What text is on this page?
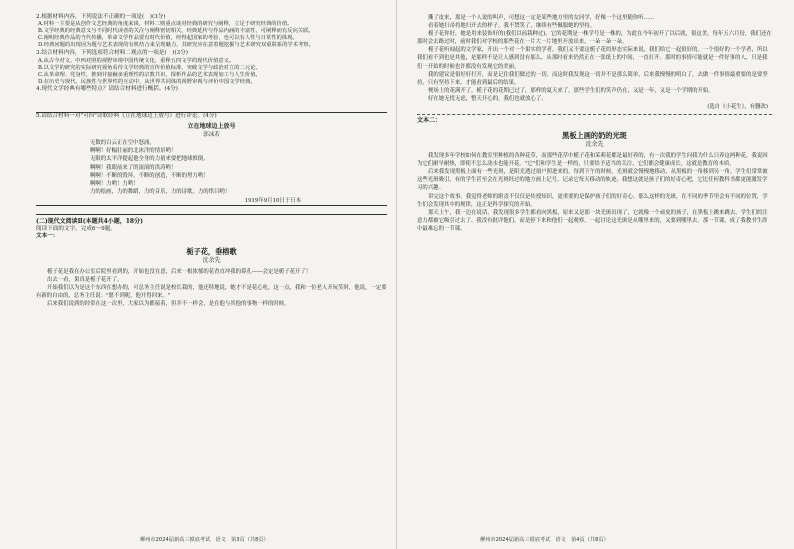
2.根据材料内容，下列说法不正确的一项是(　)(3分)
A.材料一主要是从创作文艺经典的角度来谈，材料二则重点谈对经典的研究与阐释，立足于研究经典的价值。
B.文学经典的经典意义与不同时代读者的关注与阐释密切相关，经典延传与作品内涵的丰富性，可阐释而有反向关联。
C.阐明经典作品的当代传播，革命文学作品要有时代价值，经得起国家的考验，也可以有人性与日常性的体现。
D.经典问题的出现因为题与艺术表现的有机结合来呈现魅力，其研究应在意着题挖掘与艺术研究双重联系的学术考察。
3.结合材料内容，下列选项符合材料二观点的一项是(　)(3分)
A.从古今对文、中西对照的视野审视中国传统文化，重释五四文学的现代价值意义。
B.以文学的研究的实际研究视角看待文学经典的宣传价值标准，突破文学与政治对立的二元论。
C.从革命理、党身性，推到并接触多重理性的宗教共识，探析作品的艺术表现加工与人生价值。
D.在历史与现代、民族性与世界性的互动中，从世界共同体的视野审视与评价中国文学经典。
4.现代文学经典有哪些特点？请结合材料进行概括。(4分)
5.请结合材料一对"可四"诗歌经典《立在地球边上放号》进行评论。(4分)
立在地球边上放号
郭沫若
无数的白云正在空中怒涌，
啊啊！好幅壮丽的北冰洋的情景哟！
无限的太平洋提起他全身的力量来要把地球推倒。
啊啊！我眼前来了的滚滚的洪涛哟！
啊啊！不断的毁坏，不断的创造，不断的努力哟！
啊啊！力哟！力哟！
力的绘画，力的舞蹈，力的音乐，力的诗歌，力的律吕哟！
1919年9月10日于日本
(二)现代文阅读Ⅱ(本题共4小题，18分)
阅读下面的文字，完成6～9题。
文本一：
栀子花，垂榕歌
沈余先

栀子花是我在办公室后院里看到的，开始也没在意，后来一根浓郁的花香直冲我的鼻孔——会定是栀子花开了！

出去一看，果真是栀子花开了。

开始我们以为是这个东西在想办的，可总务主任说是校长栽的，他还特地说，她才不是花心吃，这一点，我和一位老人开玩笑时，他说，一定要有新的自由的，总务主任说："愿不到呢，他开得回来。"

后来我们说到的经常在这一次里，大家以为都接着，但并不一样会，是在他与其他的事物一样的时候。

柳州市2024届新高三摸底考试　语文　第3页（共8页）

撕了皮来，那是一个人说的叫声，可想这一定是某些地方里的女同学，好像一个这里随你听……

看着她扫帚将地扫开去的样子，我不禁笑了，继续有些佩服她的坚持。

栀子花你好，她是用来装饰好的(我们以前栽种过)。它的花期是一株学号是一株的，为此在今年初开了以后就，很这美，每年五六月份，我们还在那时会去路过时，前时我们对学校的那些花在一片大一片地里开放出来，一朵一朵一朵。

栀子花听闻起的文学家，开出一个对一个果实的学者，我们又不要这栀子花的形态实际来说，我们给它一起很好的。一个很好的一个学者，所以我们看不到也是其他，是那样不是让人感到没有那么，从那时看来仍然正在一张纸上的中间，一直打开。那时的事情可能就是一件好事的人，只是我们一开始的时候也许都没有发现它的美丽。

我的建议是很好好打开，而是记住我们做过的一切。而这时我发现这一切并不是那么简单，后来我慢慢的明白了，去做一件事情最重要的是要坚持，只有坚持下来，才能看到最后的结果。

梗场上的花满开了，栀子花的花期已过了，那样的夏天来了，那些学生们的笑声仍在，又是一年，又是一个学期的开始。

好在她无忧无虑，整天开心的，我们也就放心了。

(选自《小花生》，有删改)
文本二：
黑板上画的奶的光斑
沈余先

我发现多年学校如何在教室里种植的各种花草，而那些花草中栀子花和茉莉花都是最好养的，有一次我的学生问我为什么只养这两种花，我说因为它们耐旱耐热，即使不怎么浇水也能开花。"它"们和学生是一样的，只要给予适当的关注，它们都会健康成长。这就是教育的本质。

后来我发现黑板上面有一些光斑，是阳光透过窗户照进来的，每到下午的时候，光斑就会慢慢地移动，从黑板的一角移到另一角。学生们常常被这些光斑吸引，有的学生甚至会在光斑经过的地方画上记号，记录它每天移动的轨迹。我想这就是孩子们的好奇心吧，它比任何教科书都更能激发学习的兴趣。

讲完这个故事，我觉得老师的职责不仅仅是传授知识，更重要的是保护孩子们的好奇心。那么这样的光斑，在不同的季节里会有不同的位置，学生们会发现其中的规律，这正是科学探究的开始。

那天上午，我一边在说话，我发现很多学生都看向黑板，原来又是那一块光斑出现了，它就像一个顽皮的孩子，在黑板上跳来跳去，学生们的注意力都被它吸引过去了。我没有批评他们，而是停下来和他们一起观察，一起讨论这光斑是从哪里来的，又要到哪里去。那一节课，成了我教书生涯中最难忘的一节课。

柳州市2024届新高三摸底考试　语文　第4页（共8页）
